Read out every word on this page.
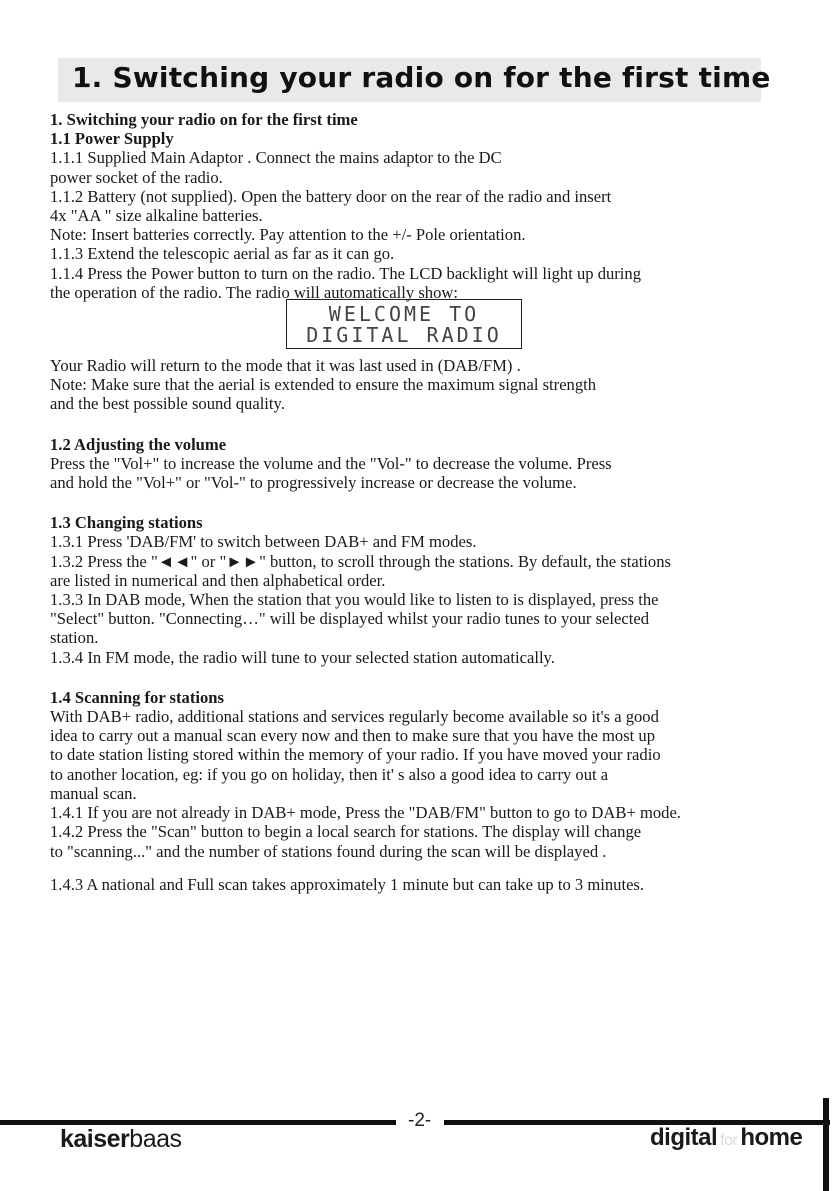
1. Switching your radio on for the first time

1. Switching your radio on for the first time

1.1 Power Supply

1.1.1 Supplied Main Adaptor . Connect the mains adaptor to the DC

power socket of the radio.

1.1.2 Battery (not supplied). Open the battery door on the rear of the radio and insert

4x "AA " size alkaline batteries.

Note: Insert batteries correctly. Pay attention to the +/- Pole orientation.

1.1.3 Extend the telescopic aerial as far as it can go.

1.1.4 Press the Power button to turn on the radio. The LCD backlight will light up during

the operation of the radio. The radio will automatically show:

WELCOME TO
DIGITAL RADIO

Your Radio will return to the mode that it was last used in (DAB/FM) .

Note: Make sure that the aerial is extended to ensure the maximum signal strength

and the best possible sound quality.

1.2 Adjusting the volume

Press the "Vol+" to increase the volume and the "Vol-" to decrease the volume. Press

and hold the "Vol+" or "Vol-" to progressively increase or decrease the volume.

1.3 Changing stations

1.3.1 Press 'DAB/FM' to switch between DAB+ and FM modes.

1.3.2 Press the "◄◄" or "►►" button, to scroll through the stations. By default, the stations

are listed in numerical and then alphabetical order.

1.3.3 In DAB mode, When the station that you would like to listen to is displayed, press the

"Select" button. "Connecting…" will be displayed whilst your radio tunes to your selected

station.

1.3.4 In FM mode, the radio will tune to your selected station automatically.

1.4 Scanning for stations

With DAB+ radio, additional stations and services regularly become available so it's a good

idea to carry out a manual scan every now and then to make sure that you have the most up

to date station listing stored within the memory of your radio. If you have moved your radio

to another location, eg: if you go on holiday, then it' s also a good idea to carry out a

manual scan.

1.4.1 If you are not already in DAB+ mode, Press the "DAB/FM" button to go to DAB+ mode.

1.4.2 Press the "Scan" button to begin a local search for stations. The display will change

to "scanning..." and the number of stations found during the scan will be displayed .

1.4.3 A national and Full scan takes approximately 1 minute but can take up to 3 minutes.

-2-
kaiserbaas	digital for home
